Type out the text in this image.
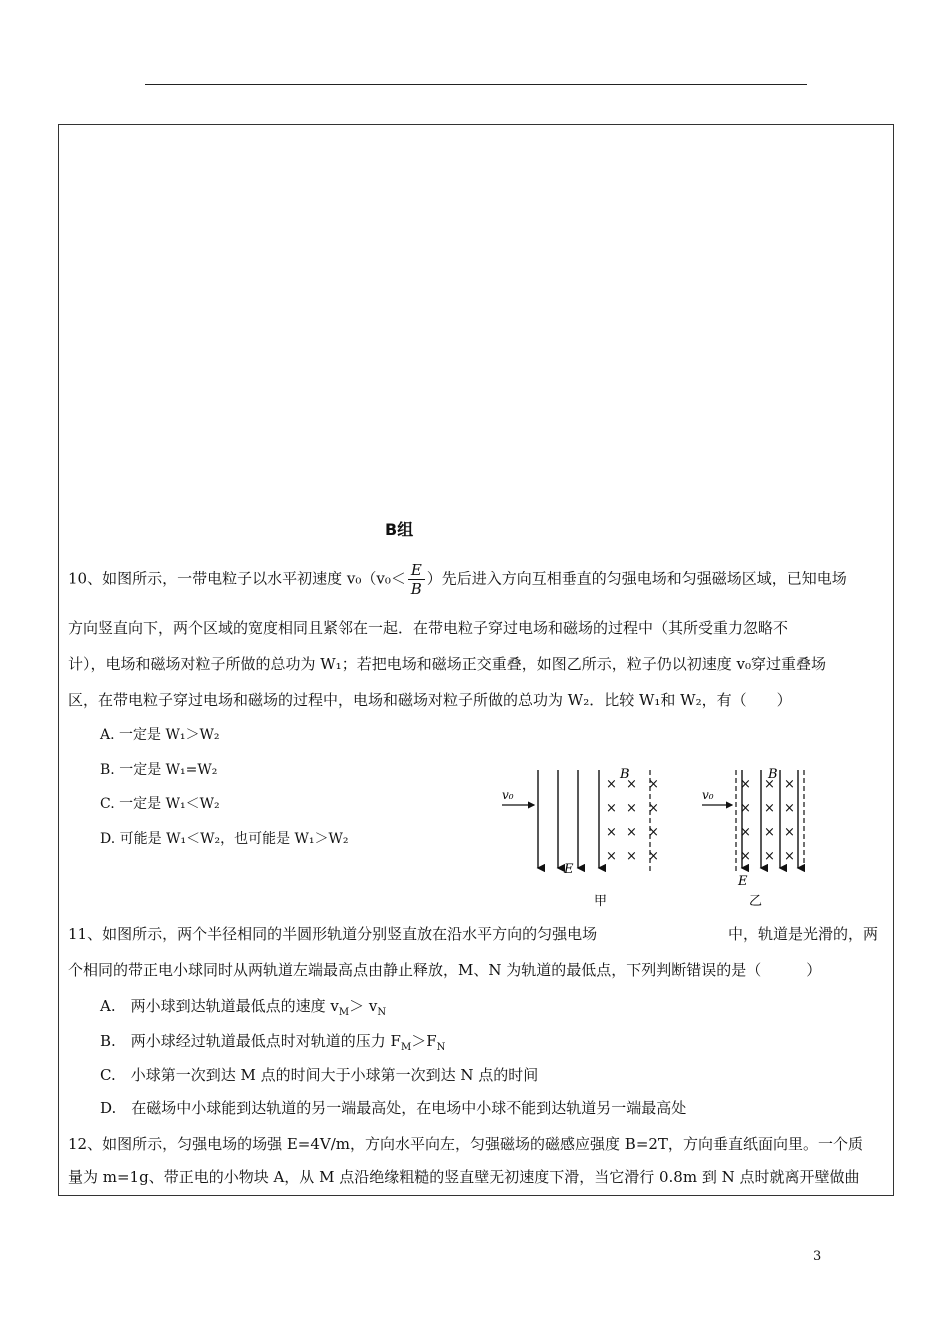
B组
10、如图所示，一带电粒子以水平初速度 $v_0(v_0< \frac{E}{B}$ ）先后进入方向互相垂直的匀强电场和匀强磁场区域，已知电场
方向竖直向下，两个区域的宽度相同且紧邻在一起．在带电粒子穿过电场和磁场的过程中（其所受重力忽略不
计），电场和磁场对粒子所做的总功为 W₁；若把电场和磁场正交重叠，如图乙所示，粒子仍以初速度 v₀穿过重叠场
区，在带电粒子穿过电场和磁场的过程中，电场和磁场对粒子所做的总功为 W₂．比较 W₁和 W₂，有（　　）
A. 一定是 W₁＞W₂
B. 一定是 W₁=W₂
C. 一定是 W₁＜W₂
D. 可能是 W₁＜W₂，也可能是 W₁＞W₂
× × ×
× × ×
× × ×
× × ×
B
v₀
E
甲
× × ×
× × ×
× × ×
× × ×
B
v₀
E
乙
11、如图所示，两个半径相同的半圆形轨道分别竖直放在沿水平方向的匀强电场	中，轨道是光滑的，两
个相同的带正电小球同时从两轨道左端最高点由静止释放，M、N 为轨道的最低点，下列判断错误的是（　　　）
A.　两小球到达轨道最低点的速度 $v_M> v_N$
B.　两小球经过轨道最低点时对轨道的压力 $F_M>F_N$
C.　小球第一次到达 M 点的时间大于小球第一次到达 N 点的时间
D.　在磁场中小球能到达轨道的另一端最高处，在电场中小球不能到达轨道另一端最高处
12、如图所示，匀强电场的场强 E=4V/m，方向水平向左，匀强磁场的磁感应强度 B=2T，方向垂直纸面向里。一个质
量为 m=1g、带正电的小物块 A，从 M 点沿绝缘粗糙的竖直壁无初速度下滑，当它滑行 0.8m 到 N 点时就离开壁做曲
3
